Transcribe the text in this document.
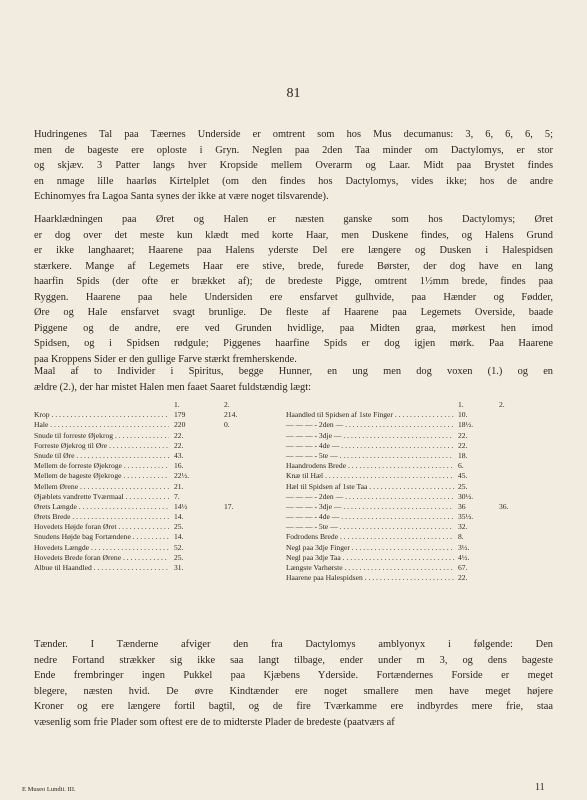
81
Hudringenes Tal paa Tæernes Underside er omtrent som hos Mus decumanus: 3, 6, 6, 6, 5;
men de bageste ere oploste i Gryn. Neglen paa 2den Taa minder om Dactylomys, er stor
og skjæv. 3 Patter langs hver Kropside mellem Overarm og Laar. Midt paa Brystet findes
en nmage lille haarløs Kirtelplet (om den findes hos Dactylomys, vides ikke; hos de andre
Echinomyes fra Lagoa Santa synes der ikke at være noget tilsvarende).
Haarklædningen paa Øret og Halen er næsten ganske som hos Dactylomys; Øret
er dog over det meste kun klædt med korte Haar, men Duskene findes, og Halens Grund
er ikke langhaaret; Haarene paa Halens yderste Del ere længere og Dusken i Halespidsen
stærkere. Mange af Legemets Haar ere stive, brede, furede Børster, der dog have en lang
haarfin Spids (der ofte er brækket af); de bredeste Pigge, omtrent 1½mm brede, findes paa
Ryggen. Haarene paa hele Undersiden ere ensfarvet gulhvide, paa Hænder og Fødder,
Øre og Hale ensfarvet svagt brunlige. De fleste af Haarene paa Legemets Overside, baade
Piggene og de andre, ere ved Grunden hvidlige, paa Midten graa, mørkest hen imod
Spidsen, og i Spidsen rødgule; Piggenes haarfine Spids er dog igjen mørk. Paa Haarene
paa Kroppens Sider er den gullige Farve stærkt fremherskende.
Maal af to Individer i Spiritus, begge Hunner, en ung men dog voxen (1.) og en
ældre (2.), der har mistet Halen men faaet Saaret fuldstændig lægt:
1.	2.
Krop . . .	179	214.
Hale . . .	220	0.
Snude til forreste Øjekrog . . .	22.
Forreste Øjekrog til Øre . . .	22.
Snude til Øre . . .	43.
Mellem de forreste Øjekroge . . .	16.
Mellem de bageste Øjekroge . . .	22½.
Mellem Ørene . . .	21.
Øjæblets vandrette Tværmaal . . .	7.
Ørets Længde . . .	14½	17.
Ørets Brede . . .	14.
Hovedets Højde foran Øret . . .	25.
Snudens Højde bag Fortændene . . .	14.
Hovedets Længde . . .	52.
Hovedets Brede foran Ørene . . .	25.
Albue til Haandled . . .	31.
1.	2.
Haandled til Spidsen af 1ste Finger . . .	10.
— — — - 2den — . . .	18½.
— — — - 3dje — . . .	22.
— — — - 4de — . . .	22.
— — — - 5te — . . .	18.
Haandrodens Brede . . .	6.
Knæ til Hæl . . .	45.
Hæl til Spidsen af 1ste Taa . . .	25.
— — — - 2den — . . .	30½.
— — — - 3dje — . . .	36	36.
— — — - 4de — . . .	35½.
— — — - 5te — . . .	32.
Fodrodens Brede . . .	8.
Negl paa 3dje Finger . . .	3½.
Negl paa 3dje Taa . . .	4½.
Længste Varhørste . . .	67.
Haarene paa Halespidsen . . .	22.
Tænder. I Tænderne afviger den fra Dactylomys amblyonyx i følgende: Den
nedre Fortand strækker sig ikke saa langt tilbage, ender under m 3, og dens bageste
Ende frembringer ingen Pukkel paa Kjæbens Yderside. Fortændernes Forside er meget
blegere, næsten hvid. De øvre Kindtænder ere noget smallere men have meget højere
Kroner og ere længere fortil bagtil, og de fire Tværkamme ere indbyrdes mere frie, staa
væsenlig som frie Plader som oftest ere de to midterste Plader de bredeste (paatværs af
E Museo Lundii. III.	11
